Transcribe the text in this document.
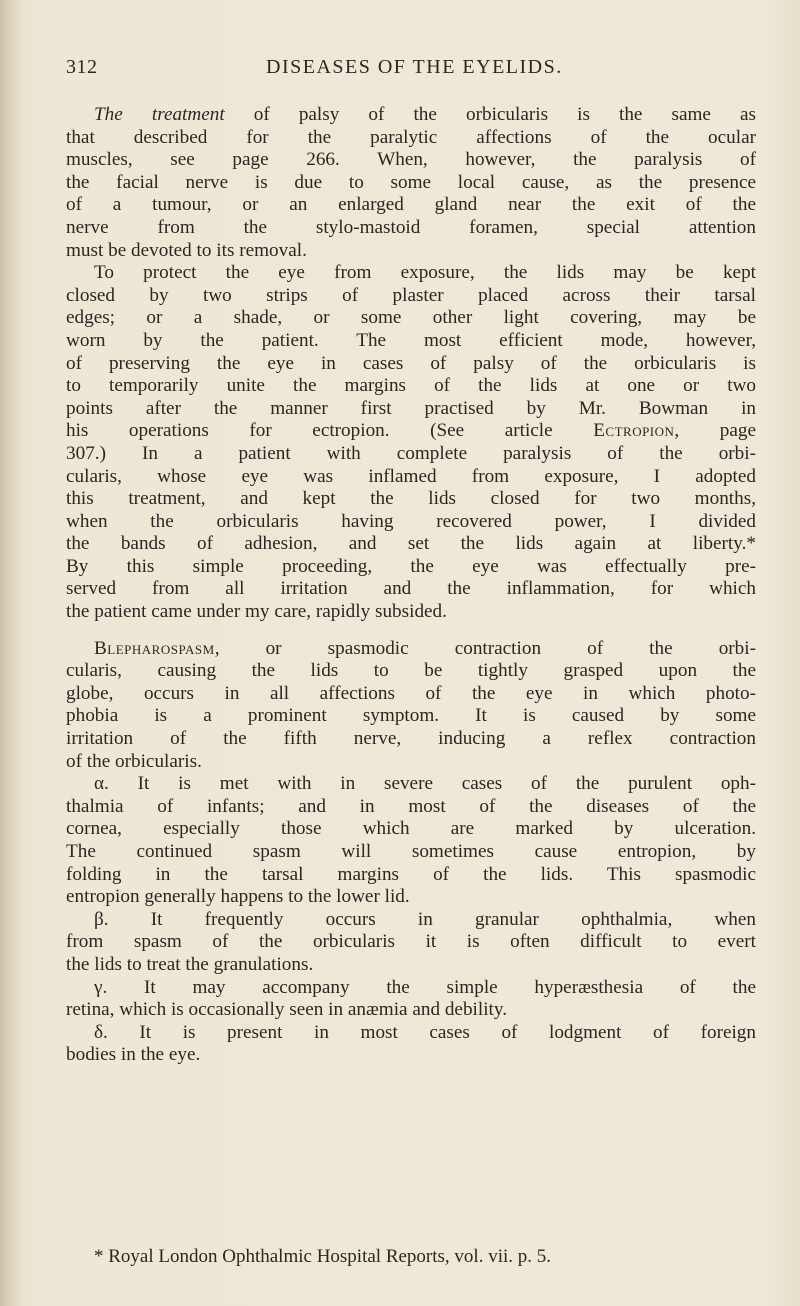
312	DISEASES OF THE EYELIDS.
The treatment of palsy of the orbicularis is the same as
that described for the paralytic affections of the ocular
muscles, see page 266. When, however, the paralysis of
the facial nerve is due to some local cause, as the presence
of a tumour, or an enlarged gland near the exit of the
nerve from the stylo-mastoid foramen, special attention
must be devoted to its removal.
To protect the eye from exposure, the lids may be kept
closed by two strips of plaster placed across their tarsal
edges; or a shade, or some other light covering, may be
worn by the patient. The most efficient mode, however,
of preserving the eye in cases of palsy of the orbicularis is
to temporarily unite the margins of the lids at one or two
points after the manner first practised by Mr. Bowman in
his operations for ectropion. (See article Ectropion, page
307.) In a patient with complete paralysis of the orbi-
cularis, whose eye was inflamed from exposure, I adopted
this treatment, and kept the lids closed for two months,
when the orbicularis having recovered power, I divided
the bands of adhesion, and set the lids again at liberty.*
By this simple proceeding, the eye was effectually pre-
served from all irritation and the inflammation, for which
the patient came under my care, rapidly subsided.
Blepharospasm, or spasmodic contraction of the orbi-
cularis, causing the lids to be tightly grasped upon the
globe, occurs in all affections of the eye in which photo-
phobia is a prominent symptom. It is caused by some
irritation of the fifth nerve, inducing a reflex contraction
of the orbicularis.
α. It is met with in severe cases of the purulent oph-
thalmia of infants; and in most of the diseases of the
cornea, especially those which are marked by ulceration.
The continued spasm will sometimes cause entropion, by
folding in the tarsal margins of the lids. This spasmodic
entropion generally happens to the lower lid.
β. It frequently occurs in granular ophthalmia, when
from spasm of the orbicularis it is often difficult to evert
the lids to treat the granulations.
γ. It may accompany the simple hyperæsthesia of the
retina, which is occasionally seen in anæmia and debility.
δ. It is present in most cases of lodgment of foreign
bodies in the eye.
* Royal London Ophthalmic Hospital Reports, vol. vii. p. 5.
